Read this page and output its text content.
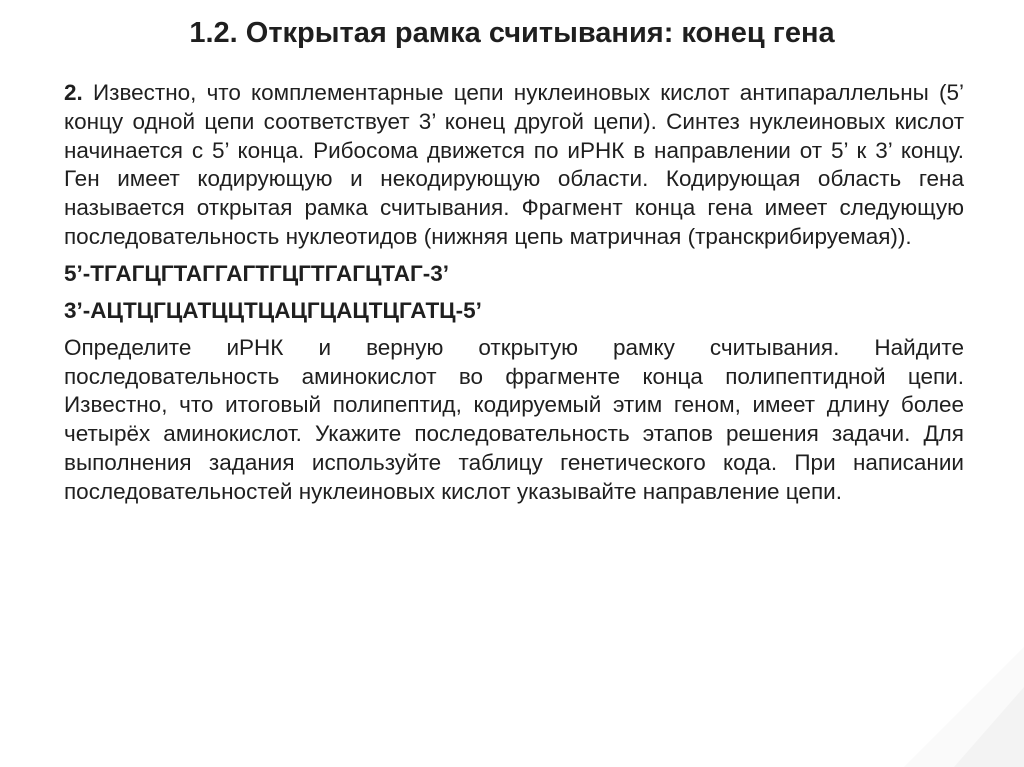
1.2. Открытая рамка считывания: конец гена

2. Известно, что комплементарные цепи нуклеиновых кислот антипараллельны (5’ концу одной цепи соответствует 3’ конец другой цепи). Синтез нуклеиновых кислот начинается с 5’ конца. Рибосома движется по иРНК в направлении от 5’ к 3’ концу. Ген имеет кодирующую и некодирующую области. Кодирующая область гена называется открытая рамка считывания. Фрагмент конца гена имеет следующую последовательность нуклеотидов (нижняя цепь матричная (транскрибируемая)).

5’-ТГАГЦГТАГГАГТГЦГТГАГЦТАГ-3’
3’-АЦТЦГЦАТЦЦТЦАЦГЦАЦТЦГАТЦ-5’

Определите иРНК и верную открытую рамку считывания. Найдите последовательность аминокислот во фрагменте конца полипептидной цепи. Известно, что итоговый полипептид, кодируемый этим геном, имеет длину более четырёх аминокислот. Укажите последовательность этапов решения задачи. Для выполнения задания используйте таблицу генетического кода. При написании последовательностей нуклеиновых кислот указывайте направление цепи.
